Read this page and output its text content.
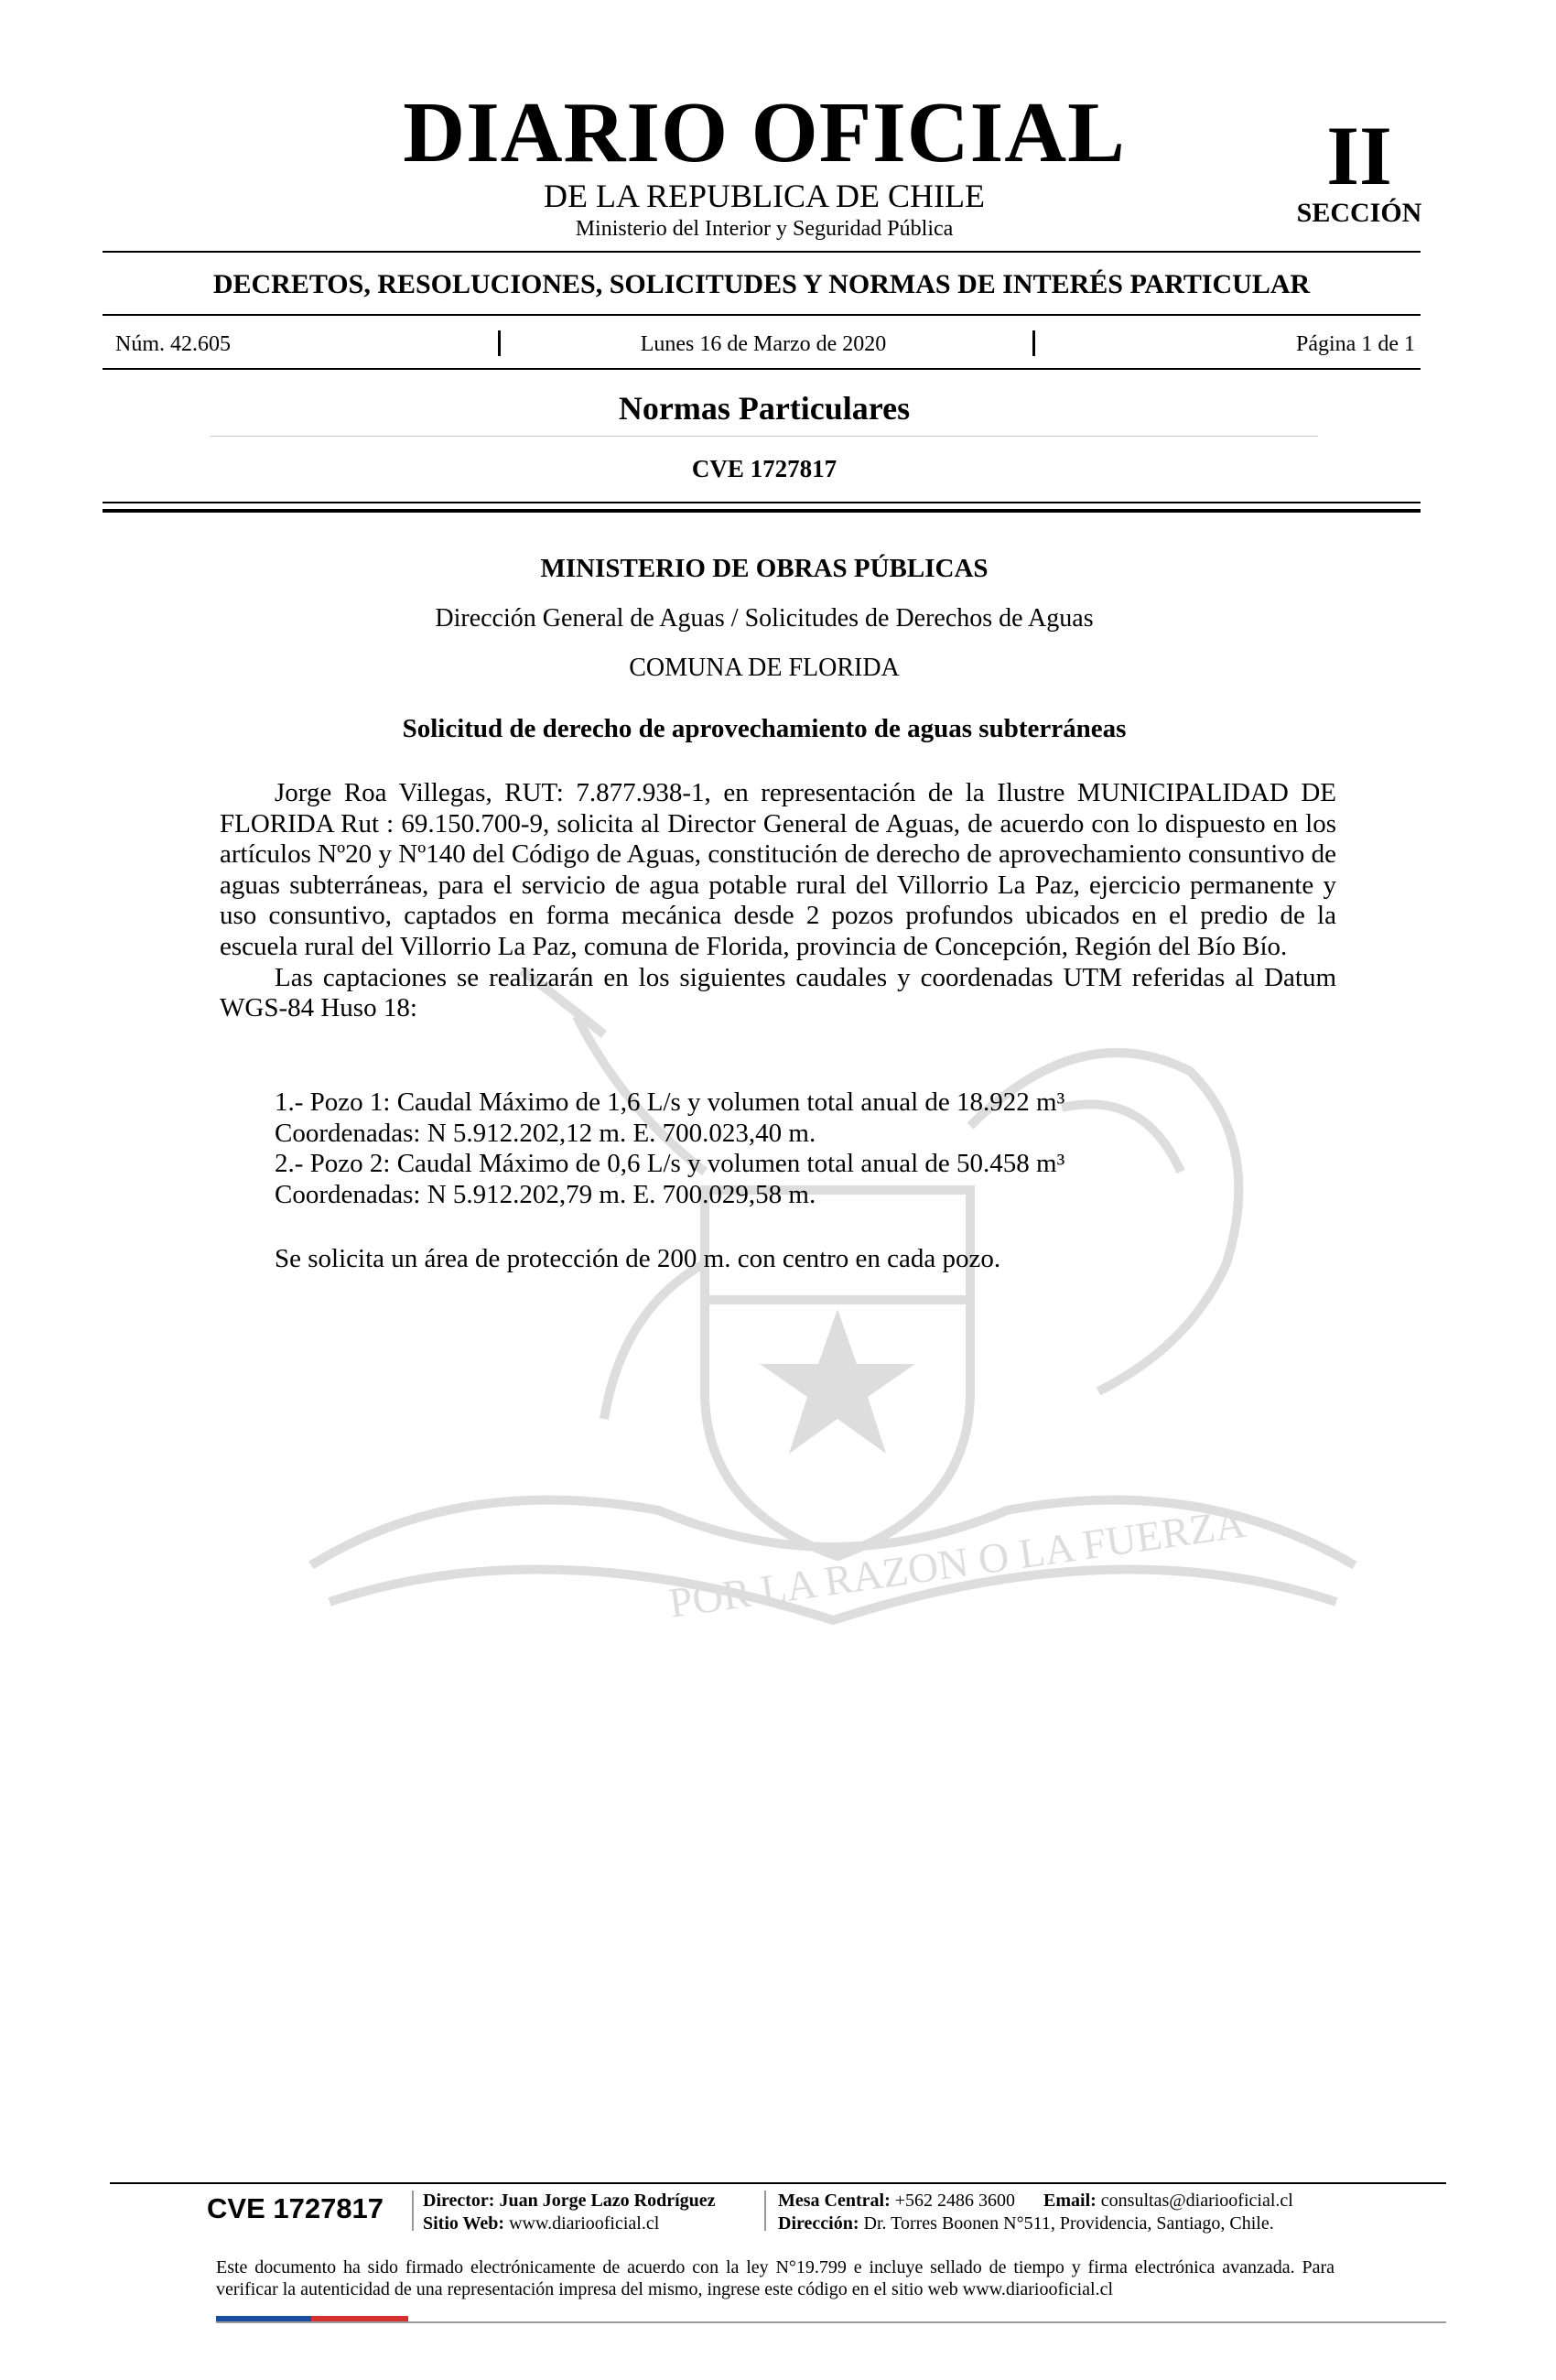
POR LA RAZON O LA FUERZA
DIARIO OFICIAL
DE LA REPUBLICA DE CHILE
Ministerio del Interior y Seguridad Pública
II
SECCIÓN
DECRETOS, RESOLUCIONES, SOLICITUDES Y NORMAS DE INTERÉS PARTICULAR
Núm. 42.605	Lunes 16 de Marzo de 2020	Página 1 de 1
Normas Particulares
CVE 1727817
MINISTERIO DE OBRAS PÚBLICAS
Dirección General de Aguas / Solicitudes de Derechos de Aguas
COMUNA DE FLORIDA
Solicitud de derecho de aprovechamiento de aguas subterráneas

Jorge Roa Villegas, RUT: 7.877.938-1, en representación de la Ilustre MUNICIPALIDAD DE FLORIDA Rut : 69.150.700-9, solicita al Director General de Aguas, de acuerdo con lo dispuesto en los artículos Nº20 y Nº140 del Código de Aguas, constitución de derecho de aprovechamiento consuntivo de aguas subterráneas, para el servicio de agua potable rural del Villorrio La Paz, ejercicio permanente y uso consuntivo, captados en forma mecánica desde 2 pozos profundos ubicados en el predio de la escuela rural del Villorrio La Paz, comuna de Florida, provincia de Concepción, Región del Bío Bío.

Las captaciones se realizarán en los siguientes caudales y coordenadas UTM referidas al Datum WGS-84 Huso 18:

1.- Pozo 1: Caudal Máximo de 1,6 L/s y volumen total anual de 18.922 m³
Coordenadas: N 5.912.202,12 m. E. 700.023,40 m.
2.- Pozo 2: Caudal Máximo de 0,6 L/s y volumen total anual de 50.458 m³
Coordenadas: N 5.912.202,79 m. E. 700.029,58 m.
Se solicita un área de protección de 200 m. con centro en cada pozo.
CVE 1727817 Director: Juan Jorge Lazo Rodríguez
Sitio Web: www.diariooficial.cl
Mesa Central: +562 2486 3600 Email: consultas@diariooficial.cl
Dirección: Dr. Torres Boonen N°511, Providencia, Santiago, Chile.
Este documento ha sido firmado electrónicamente de acuerdo con la ley N°19.799 e incluye sellado de tiempo y firma electrónica avanzada. Para verificar la autenticidad de una representación impresa del mismo, ingrese este código en el sitio web www.diariooficial.cl
